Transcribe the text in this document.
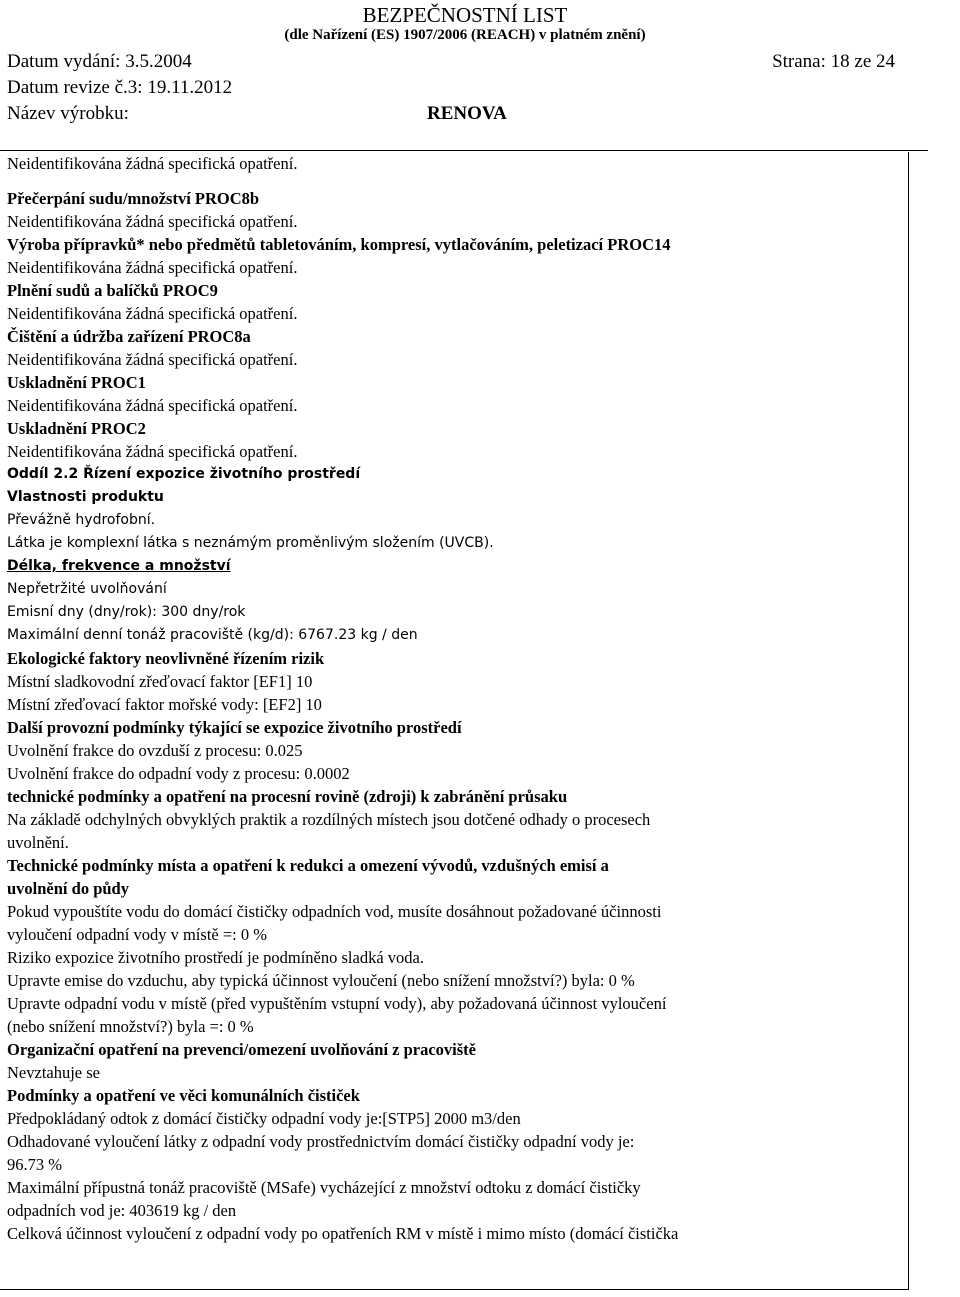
BEZPEČNOSTNÍ LIST
(dle Nařízení (ES) 1907/2006 (REACH) v platném znění)
Datum vydání: 3.5.2004	Strana: 18 ze 24
Datum revize č.3: 19.11.2012
Název výrobku:	RENOVA
Neidentifikována žádná specifická opatření.
Přečerpání sudu/množství PROC8b
Neidentifikována žádná specifická opatření.
Výroba přípravků* nebo předmětů tabletováním, kompresí, vytlačováním, peletizací PROC14
Neidentifikována žádná specifická opatření.
Plnění sudů a balíčků PROC9
Neidentifikována žádná specifická opatření.
Čištění a údržba zařízení PROC8a
Neidentifikována žádná specifická opatření.
Uskladnění PROC1
Neidentifikována žádná specifická opatření.
Uskladnění PROC2
Neidentifikována žádná specifická opatření.
Oddíl 2.2 Řízení expozice životního prostředí
Vlastnosti produktu
Převážně hydrofobní.
Látka je komplexní látka s neznámým proměnlivým složením (UVCB).
Délka, frekvence a množství
Nepřetržité uvolňování
Emisní dny (dny/rok): 300 dny/rok
Maximální denní tonáž pracoviště (kg/d): 6767.23 kg / den
Ekologické faktory neovlivněné řízením rizik
Místní sladkovodní zřeďovací faktor [EF1] 10
Místní zřeďovací faktor mořské vody: [EF2] 10
Další provozní podmínky týkající se expozice životního prostředí
Uvolnění frakce do ovzduší z procesu: 0.025
Uvolnění frakce do odpadní vody z procesu: 0.0002
technické podmínky a opatření na procesní rovině (zdroji) k zabránění průsaku
Na základě odchylných obvyklých praktik a rozdílných místech jsou dotčené odhady o procesech
uvolnění.
Technické podmínky místa a opatření k redukci a omezení vývodů, vzdušných emisí a
uvolnění do půdy
Pokud vypouštíte vodu do domácí čističky odpadních vod, musíte dosáhnout požadované účinnosti
vyloučení odpadní vody v místě =: 0 %
Riziko expozice životního prostředí je podmíněno sladká voda.
Upravte emise do vzduchu, aby typická účinnost vyloučení (nebo snížení množství?) byla: 0 %
Upravte odpadní vodu v místě (před vypuštěním vstupní vody), aby požadovaná účinnost vyloučení
(nebo snížení množství?) byla =: 0 %
Organizační opatření na prevenci/omezení uvolňování z pracoviště
Nevztahuje se
Podmínky a opatření ve věci komunálních čističek
Předpokládaný odtok z domácí čističky odpadní vody je:[STP5] 2000 m3/den
Odhadované vyloučení látky z odpadní vody prostřednictvím domácí čističky odpadní vody je:
96.73 %
Maximální přípustná tonáž pracoviště (MSafe) vycházející z množství odtoku z domácí čističky
odpadních vod je: 403619 kg / den
Celková účinnost vyloučení z odpadní vody po opatřeních RM v místě i mimo místo (domácí čistička
